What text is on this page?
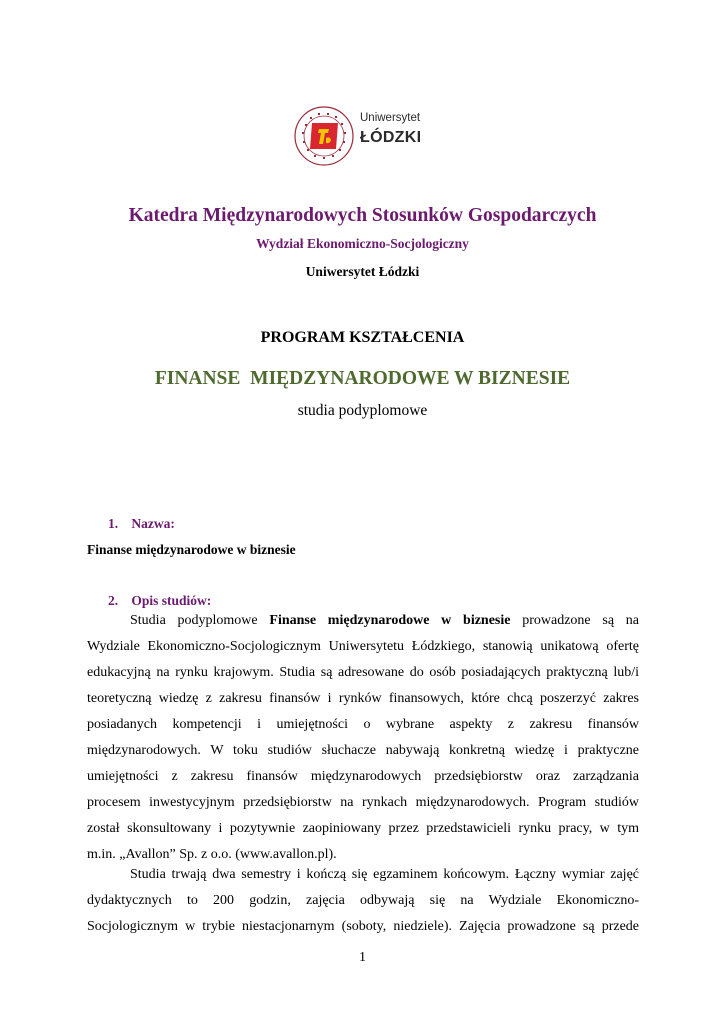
Uniwersytet
ŁÓDZKI
Katedra Międzynarodowych Stosunków Gospodarczych
Wydział Ekonomiczno-Socjologiczny
Uniwersytet Łódzki
PROGRAM KSZTAŁCENIA
FINANSE  MIĘDZYNARODOWE W BIZNESIE
studia podyplomowe
1. Nazwa:
Finanse międzynarodowe w biznesie
2. Opis studiów:
Studia podyplomowe Finanse międzynarodowe w biznesie prowadzone są na
Wydziale Ekonomiczno-Socjologicznym Uniwersytetu Łódzkiego, stanowią unikatową ofertę
edukacyjną na rynku krajowym. Studia są adresowane do osób posiadających praktyczną lub/i
teoretyczną wiedzę z zakresu finansów i rynków finansowych, które chcą poszerzyć zakres
posiadanych kompetencji i umiejętności o wybrane aspekty z zakresu finansów
międzynarodowych. W toku studiów słuchacze nabywają konkretną wiedzę i praktyczne
umiejętności z zakresu finansów międzynarodowych przedsiębiorstw oraz zarządzania
procesem inwestycyjnym przedsiębiorstw na rynkach międzynarodowych. Program studiów
został skonsultowany i pozytywnie zaopiniowany przez przedstawicieli rynku pracy, w tym
m.in. „Avallon” Sp. z o.o. (www.avallon.pl).
Studia trwają dwa semestry i kończą się egzaminem końcowym. Łączny wymiar zajęć
dydaktycznych to 200 godzin, zajęcia odbywają się na Wydziale Ekonomiczno-
Socjologicznym w trybie niestacjonarnym (soboty, niedziele). Zajęcia prowadzone są przede
1
